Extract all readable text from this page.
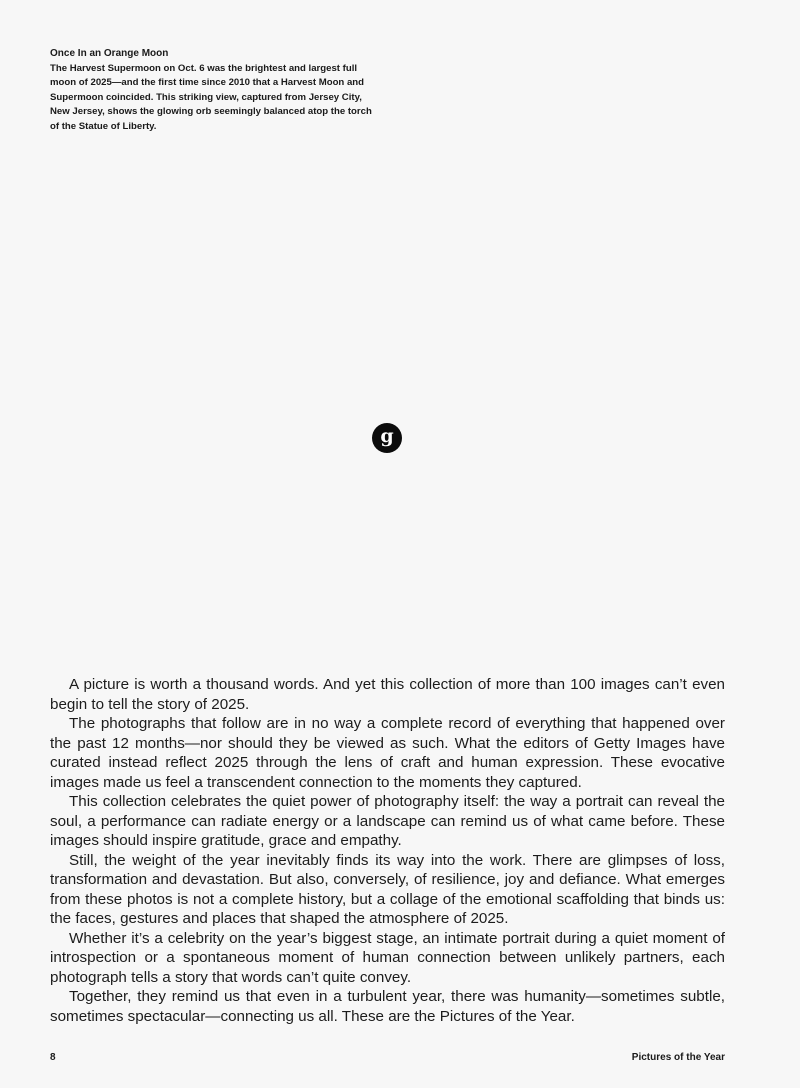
Once In an Orange Moon
The Harvest Supermoon on Oct. 6 was the brightest and largest full moon of 2025—and the first time since 2010 that a Harvest Moon and Supermoon coincided. This striking view, captured from Jersey City, New Jersey, shows the glowing orb seemingly balanced atop the torch of the Statue of Liberty.
g

A picture is worth a thousand words. And yet this collection of more than 100 images can’t even begin to tell the story of 2025.

The photographs that follow are in no way a complete record of everything that happened over the past 12 months—nor should they be viewed as such. What the editors of Getty Images have curated instead reflect 2025 through the lens of craft and human expression. These evocative images made us feel a transcendent connection to the moments they captured.

This collection celebrates the quiet power of photography itself: the way a portrait can reveal the soul, a performance can radiate energy or a landscape can remind us of what came before. These images should inspire gratitude, grace and empathy.

Still, the weight of the year inevitably finds its way into the work. There are glimpses of loss, transformation and devastation. But also, conversely, of resilience, joy and defiance. What emerges from these photos is not a complete history, but a collage of the emotional scaffolding that binds us: the faces, gestures and places that shaped the atmosphere of 2025.

Whether it’s a celebrity on the year’s biggest stage, an intimate portrait during a quiet moment of introspection or a spontaneous moment of human connection between unlikely partners, each photograph tells a story that words can’t quite convey.

Together, they remind us that even in a turbulent year, there was humanity—sometimes subtle, sometimes spectacular—connecting us all. These are the Pictures of the Year.

8	Pictures of the Year
